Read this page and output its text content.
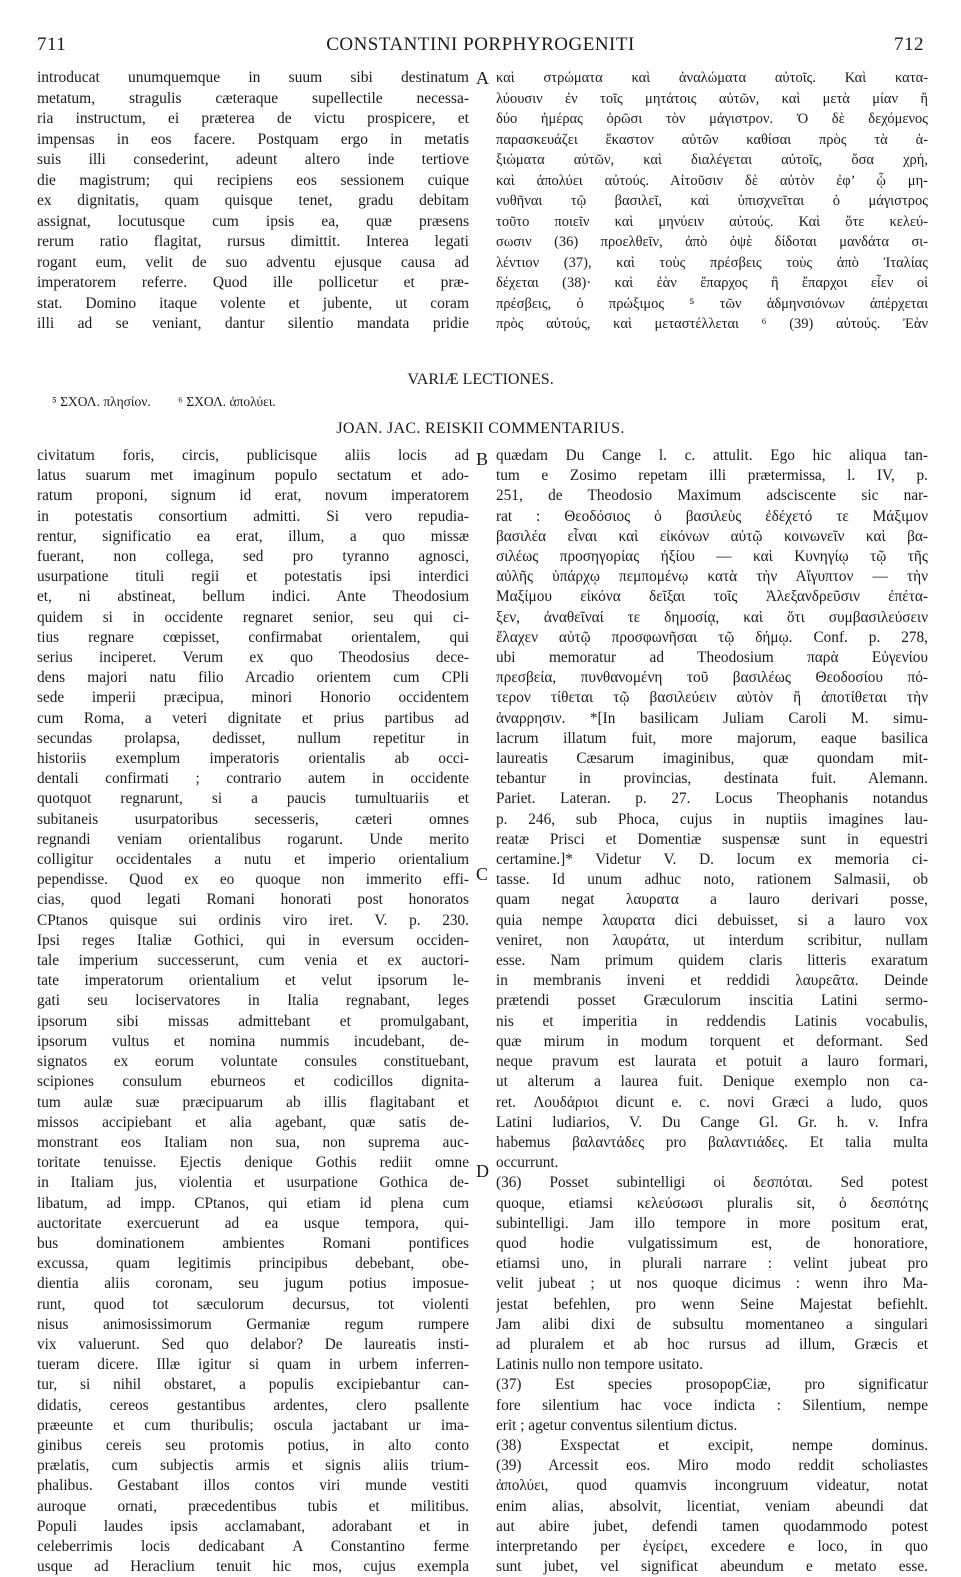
711	CONSTANTINI PORPHYROGENITI	712
introducat unumquemque in suum sibi destinatum
metatum, stragulis cæteraque supellectile necessa-
ria instructum, ei præterea de victu prospicere, et
impensas in eos facere. Postquam ergo in metatis
suis illi consederint, adeunt altero inde tertiove
die magistrum; qui recipiens eos sessionem cuique
ex dignitatis, quam quisque tenet, gradu debitam
assignat, locutusque cum ipsis ea, quæ præsens
rerum ratio flagitat, rursus dimittit. Interea legati
rogant eum, velit de suo adventu ejusque causa ad
imperatorem referre. Quod ille pollicetur et præ-
stat. Domino itaque volente et jubente, ut coram
illi ad se veniant, dantur silentio mandata pridie
καὶ στρώματα καὶ ἀναλώματα αὐτοῖς. Καὶ κατα-
λύουσιν ἐν τοῖς μητάτοις αὐτῶν, καὶ μετὰ μίαν ἢ
δύο ἡμέρας ὁρῶσι τὸν μάγιστρον. Ὁ δὲ δεχόμενος
παρασκευάζει ἕκαστον αὐτῶν καθίσαι πρὸς τὰ ἀ-
ξιώματα αὐτῶν, καὶ διαλέγεται αὐτοῖς, ὅσα χρή,
καὶ ἀπολύει αὐτούς. Αἰτοῦσιν δὲ αὐτὸν ἐφ’ ᾧ μη-
νυθῆναι τῷ βασιλεῖ, καὶ ὑπισχνεῖται ὁ μάγιστρος
τοῦτο ποιεῖν καὶ μηνύειν αὐτούς. Καὶ ὅτε κελεύ-
σωσιν (36) προελθεῖν, ἀπὸ ὀψὲ δίδοται μανδάτα σι-
λέντιον (37), καὶ τοὺς πρέσβεις τοὺς ἀπὸ Ἰταλίας
δέχεται (38)· καὶ ἐὰν ἔπαρχος ἢ ἔπαρχοι εἶεν οἱ
πρέσβεις, ὁ πρώξιμος ⁵ τῶν ἀδμηνσιόνων ἀπέρχεται
πρὸς αὐτούς, καὶ μεταστέλλεται ⁶ (39) αὐτούς. Ἐὰν
A
B
C
D
VARIÆ LECTIONES.
⁵ ΣΧΟΛ. πλησίον. ⁶ ΣΧΟΛ. ἀπολύει.
JOAN. JAC. REISKII COMMENTARIUS.
civitatum foris, circis, publicisque aliis locis ad
latus suarum met imaginum populo sectatum et ado-
ratum proponi, signum id erat, novum imperatorem
in potestatis consortium admitti. Si vero repudia-
rentur, significatio ea erat, illum, a quo missæ
fuerant, non collega, sed pro tyranno agnosci,
usurpatione tituli regii et potestatis ipsi interdici
et, ni abstineat, bellum indici. Ante Theodosium
quidem si in occidente regnaret senior, seu qui ci-
tius regnare cœpisset, confirmabat orientalem, qui
serius inciperet. Verum ex quo Theodosius dece-
dens majori natu filio Arcadio orientem cum CPli
sede imperii præcipua, minori Honorio occidentem
cum Roma, a veteri dignitate et prius partibus ad
secundas prolapsa, dedisset, nullum repetitur in
historiis exemplum imperatoris orientalis ab occi-
dentali confirmati ; contrario autem in occidente
quotquot regnarunt, si a paucis tumultuariis et
subitaneis usurpatoribus secesseris, cæteri omnes
regnandi veniam orientalibus rogarunt. Unde merito
colligitur occidentales a nutu et imperio orientalium
pependisse. Quod ex eo quoque non immerito effi-
cias, quod legati Romani honorati post honoratos
CPtanos quisque sui ordinis viro iret. V. p. 230.
Ipsi reges Italiæ Gothici, qui in eversum occiden-
tale imperium successerunt, cum venia et ex auctori-
tate imperatorum orientalium et velut ipsorum le-
gati seu lociservatores in Italia regnabant, leges
ipsorum sibi missas admittebant et promulgabant,
ipsorum vultus et nomina nummis incudebant, de-
signatos ex eorum voluntate consules constituebant,
scipiones consulum eburneos et codicillos dignita-
tum aulæ suæ præcipuarum ab illis flagitabant et
missos accipiebant et alia agebant, quæ satis de-
monstrant eos Italiam non sua, non suprema auc-
toritate tenuisse. Ejectis denique Gothis rediit omne
in Italiam jus, violentia et usurpatione Gothica de-
libatum, ad impp. CPtanos, qui etiam id plena cum
auctoritate exercuerunt ad ea usque tempora, qui-
bus dominationem ambientes Romani pontifices
excussa, quam legitimis principibus debebant, obe-
dientia aliis coronam, seu jugum potius imposue-
runt, quod tot sæculorum decursus, tot violenti
nisus animosissimorum Germaniæ regum rumpere
vix valuerunt. Sed quo delabor? De laureatis insti-
tueram dicere. Illæ igitur si quam in urbem inferren-
tur, si nihil obstaret, a populis excipiebantur can-
didatis, cereos gestantibus ardentes, clero psallente
præeunte et cum thuribulis; oscula jactabant ur ima-
ginibus cereis seu protomis potius, in alto conto
prælatis, cum subjectis armis et signis aliis trium-
phalibus. Gestabant illos contos viri munde vestiti
auroque ornati, præcedentibus tubis et militibus.
Populi laudes ipsis acclamabant, adorabant et in
celeberrimis locis dedicabant A Constantino ferme
usque ad Heraclium tenuit hic mos, cujus exempla
quædam Du Cange l. c. attulit. Ego hic aliqua tan-
tum e Zosimo repetam illi prætermissa, l. IV, p.
251, de Theodosio Maximum adsciscente sic nar-
rat : Θεοδόσιος ὁ βασιλεὺς ἐδέχετό τε Μάξιμον
βασιλέα εἶναι καὶ εἰκόνων αὐτῷ κοινωνεῖν καὶ βα-
σιλέως προσηγορίας ἠξίου — καὶ Κυνηγίῳ τῷ τῆς
αὐλῆς ὑπάρχῳ πεμπομένῳ κατὰ τὴν Αἴγυπτον — τὴν
Μαξίμου εἰκόνα δεῖξαι τοῖς Ἀλεξανδρεῦσιν ἐπέτα-
ξεν, ἀναθεῖναί τε δημοσίᾳ, καὶ ὅτι συμβασιλεύσειν
ἔλαχεν αὐτῷ προσφωνῆσαι τῷ δήμῳ. Conf. p. 278,
ubi memoratur ad Theodosium παρὰ Εὐγενίου
πρεσβεία, πυνθανομένη τοῦ βασιλέως Θεοδοσίου πό-
τερον τίθεται τῷ βασιλεύειν αὐτὸν ἢ ἀποτίθεται τὴν
ἀναρρησιν. *[In basilicam Juliam Caroli M. simu-
lacrum illatum fuit, more majorum, eaque basilica
laureatis Cæsarum imaginibus, quæ quondam mit-
tebantur in provincias, destinata fuit. Alemann.
Pariet. Lateran. p. 27. Locus Theophanis notandus
p. 246, sub Phoca, cujus in nuptiis imagines lau-
reatæ Prisci et Domentiæ suspensæ sunt in equestri
certamine.]* Videtur V. D. locum ex memoria ci-
tasse. Id unum adhuc noto, rationem Salmasii, ob
quam negat λαυρατα a lauro derivari posse,
quia nempe λαυρατα dici debuisset, si a lauro vox
veniret, non λαυράτα, ut interdum scribitur, nullam
esse. Nam primum quidem claris litteris exaratum
in membranis inveni et reddidi λαυρεᾶτα. Deinde
prætendi posset Græculorum inscitia Latini sermo-
nis et imperitia in reddendis Latinis vocabulis,
quæ mirum in modum torquent et deformant. Sed
neque pravum est laurata et potuit a lauro formari,
ut alterum a laurea fuit. Denique exemplo non ca-
ret. Λουδάριοι dicunt e. c. novi Græci a ludo, quos
Latini ludiarios, V. Du Cange Gl. Gr. h. v. Infra
habemus βαλαντάδες pro βαλαντιάδες. Et talia multa
occurrunt.
(36) Posset subintelligi οἱ δεσπόται. Sed potest
quoque, etiamsi κελεύσωσι pluralis sit, ὁ δεσπότης
subintelligi. Jam illo tempore in more positum erat,
quod hodie vulgatissimum est, de honoratiore,
etiamsi uno, in plurali narrare : velint jubeat pro
velit jubeat ; ut nos quoque dicimus : wenn ihro Ma-
jestat befehlen, pro wenn Seine Majestat befiehlt.
Jam alibi dixi de subsultu momentaneo a singulari
ad pluralem et ab hoc rursus ad illum, Græcis et
Latinis nullo non tempore usitato.
(37) Est species prosopopϾiæ, pro significatur
fore silentium hac voce indicta : Silentium, nempe
erit ; agetur conventus silentium dictus.
(38) Exspectat et excipit, nempe dominus.
(39) Arcessit eos. Miro modo reddit scholiastes
ἀπολύει, quod quamvis incongruum videatur, notat
enim alias, absolvit, licentiat, veniam abeundi dat
aut abire jubet, defendi tamen quodammodo potest
interpretando per ἐγείρει, excedere e loco, in quo
sunt jubet, vel significat abeundum e metato esse.
